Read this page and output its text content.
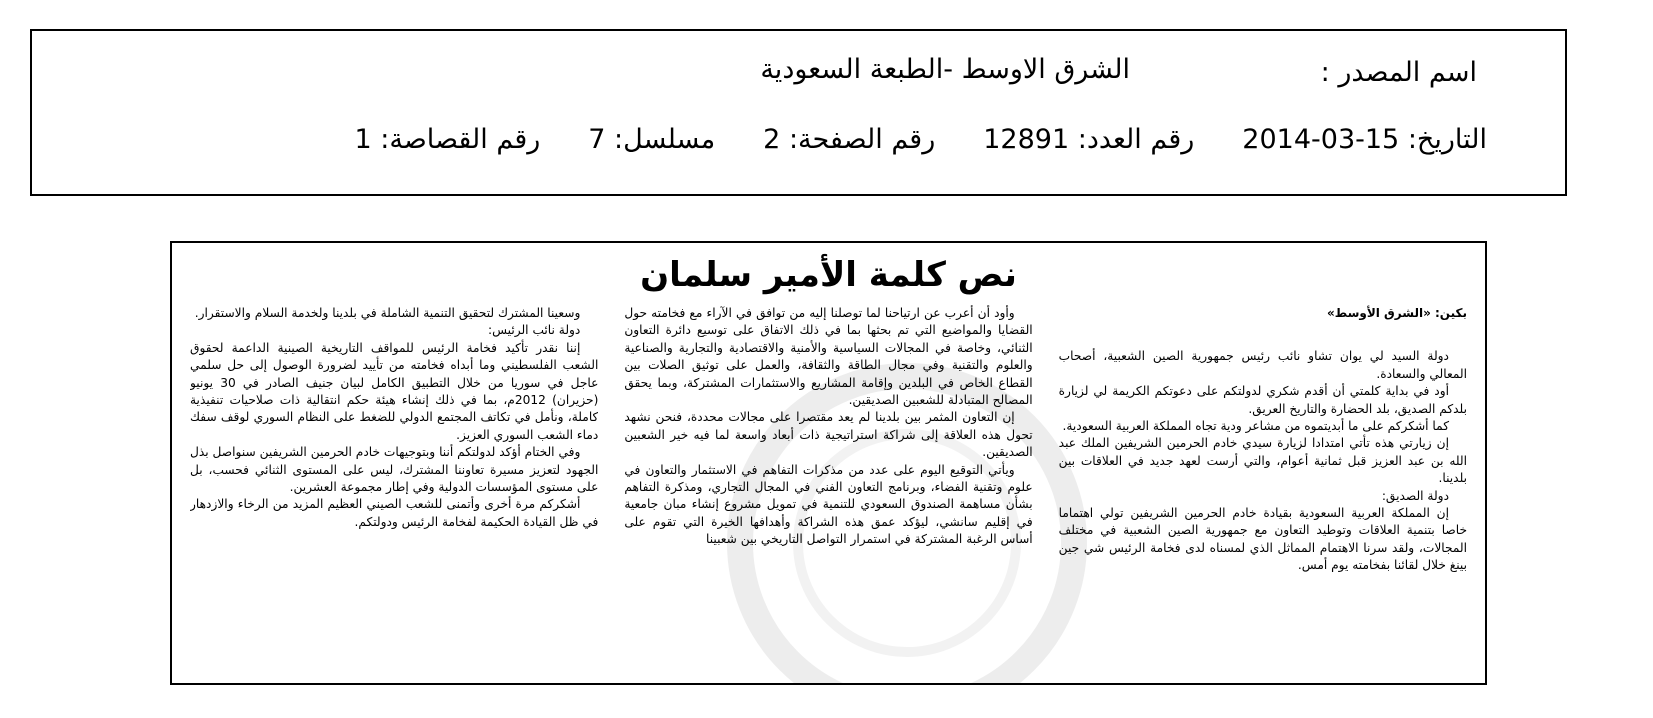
اسم المصدر :
الشرق الاوسط -الطبعة السعودية
التاريخ: 15-03-2014رقم العدد: 12891رقم الصفحة: 2مسلسل: 7رقم القصاصة: 1
نص كلمة الأمير سلمان

بكين: «الشرق الأوسط»

دولة السيد لي يوان تشاو نائب رئيس جمهورية الصين الشعبية، أصحاب المعالي والسعادة.

أود في بداية كلمتي أن أقدم شكري لدولتكم على دعوتكم الكريمة لي لزيارة بلدكم الصديق، بلد الحضارة والتاريخ العريق.

كما أشكركم على ما أبديتموه من مشاعر ودية تجاه المملكة العربية السعودية.

إن زيارتي هذه تأتي امتدادا لزيارة سيدي خادم الحرمين الشريفين الملك عبد الله بن عبد العزيز قبل ثمانية أعوام، والتي أرست لعهد جديد في العلاقات بين بلدينا.

دولة الصديق:

إن المملكة العربية السعودية بقيادة خادم الحرمين الشريفين تولي اهتماما خاصا بتنمية العلاقات وتوطيد التعاون مع جمهورية الصين الشعبية في مختلف المجالات، ولقد سرنا الاهتمام المماثل الذي لمسناه لدى فخامة الرئيس شي جين بينغ خلال لقائنا بفخامته يوم أمس.

وأود أن أعرب عن ارتياحنا لما توصلنا إليه من توافق في الآراء مع فخامته حول القضايا والمواضيع التي تم بحثها بما في ذلك الاتفاق على توسيع دائرة التعاون الثنائي، وخاصة في المجالات السياسية والأمنية والاقتصادية والتجارية والصناعية والعلوم والتقنية وفي مجال الطاقة والثقافة، والعمل على توثيق الصلات بين القطاع الخاص في البلدين وإقامة المشاريع والاستثمارات المشتركة، وبما يحقق المصالح المتبادلة للشعبين الصديقين.

إن التعاون المثمر بين بلدينا لم يعد مقتصرا على مجالات محددة، فنحن نشهد تحول هذه العلاقة إلى شراكة استراتيجية ذات أبعاد واسعة لما فيه خير الشعبين الصديقين.

ويأتي التوقيع اليوم على عدد من مذكرات التفاهم في الاستثمار والتعاون في علوم وتقنية الفضاء، وبرنامج التعاون الفني في المجال التجاري، ومذكرة التفاهم بشأن مساهمة الصندوق السعودي للتنمية في تمويل مشروع إنشاء مبان جامعية في إقليم سانشي، ليؤكد عمق هذه الشراكة وأهدافها الخيرة التي تقوم على أساس الرغبة المشتركة في استمرار التواصل التاريخي بين شعبينا

وسعينا المشترك لتحقيق التنمية الشاملة في بلدينا ولخدمة السلام والاستقرار.

دولة نائب الرئيس:

إننا نقدر تأكيد فخامة الرئيس للمواقف التاريخية الصينية الداعمة لحقوق الشعب الفلسطيني وما أبداه فخامته من تأييد لضرورة الوصول إلى حل سلمي عاجل في سوريا من خلال التطبيق الكامل لبيان جنيف الصادر في 30 يونيو (حزيران) 2012م، بما في ذلك إنشاء هيئة حكم انتقالية ذات صلاحيات تنفيذية كاملة، ونأمل في تكاتف المجتمع الدولي للضغط على النظام السوري لوقف سفك دماء الشعب السوري العزيز.

وفي الختام أؤكد لدولتكم أننا وبتوجيهات خادم الحرمين الشريفين سنواصل بذل الجهود لتعزيز مسيرة تعاوننا المشترك، ليس على المستوى الثنائي فحسب، بل على مستوى المؤسسات الدولية وفي إطار مجموعة العشرين.

أشكركم مرة أخرى وأتمنى للشعب الصيني العظيم المزيد من الرخاء والازدهار في ظل القيادة الحكيمة لفخامة الرئيس ودولتكم.
